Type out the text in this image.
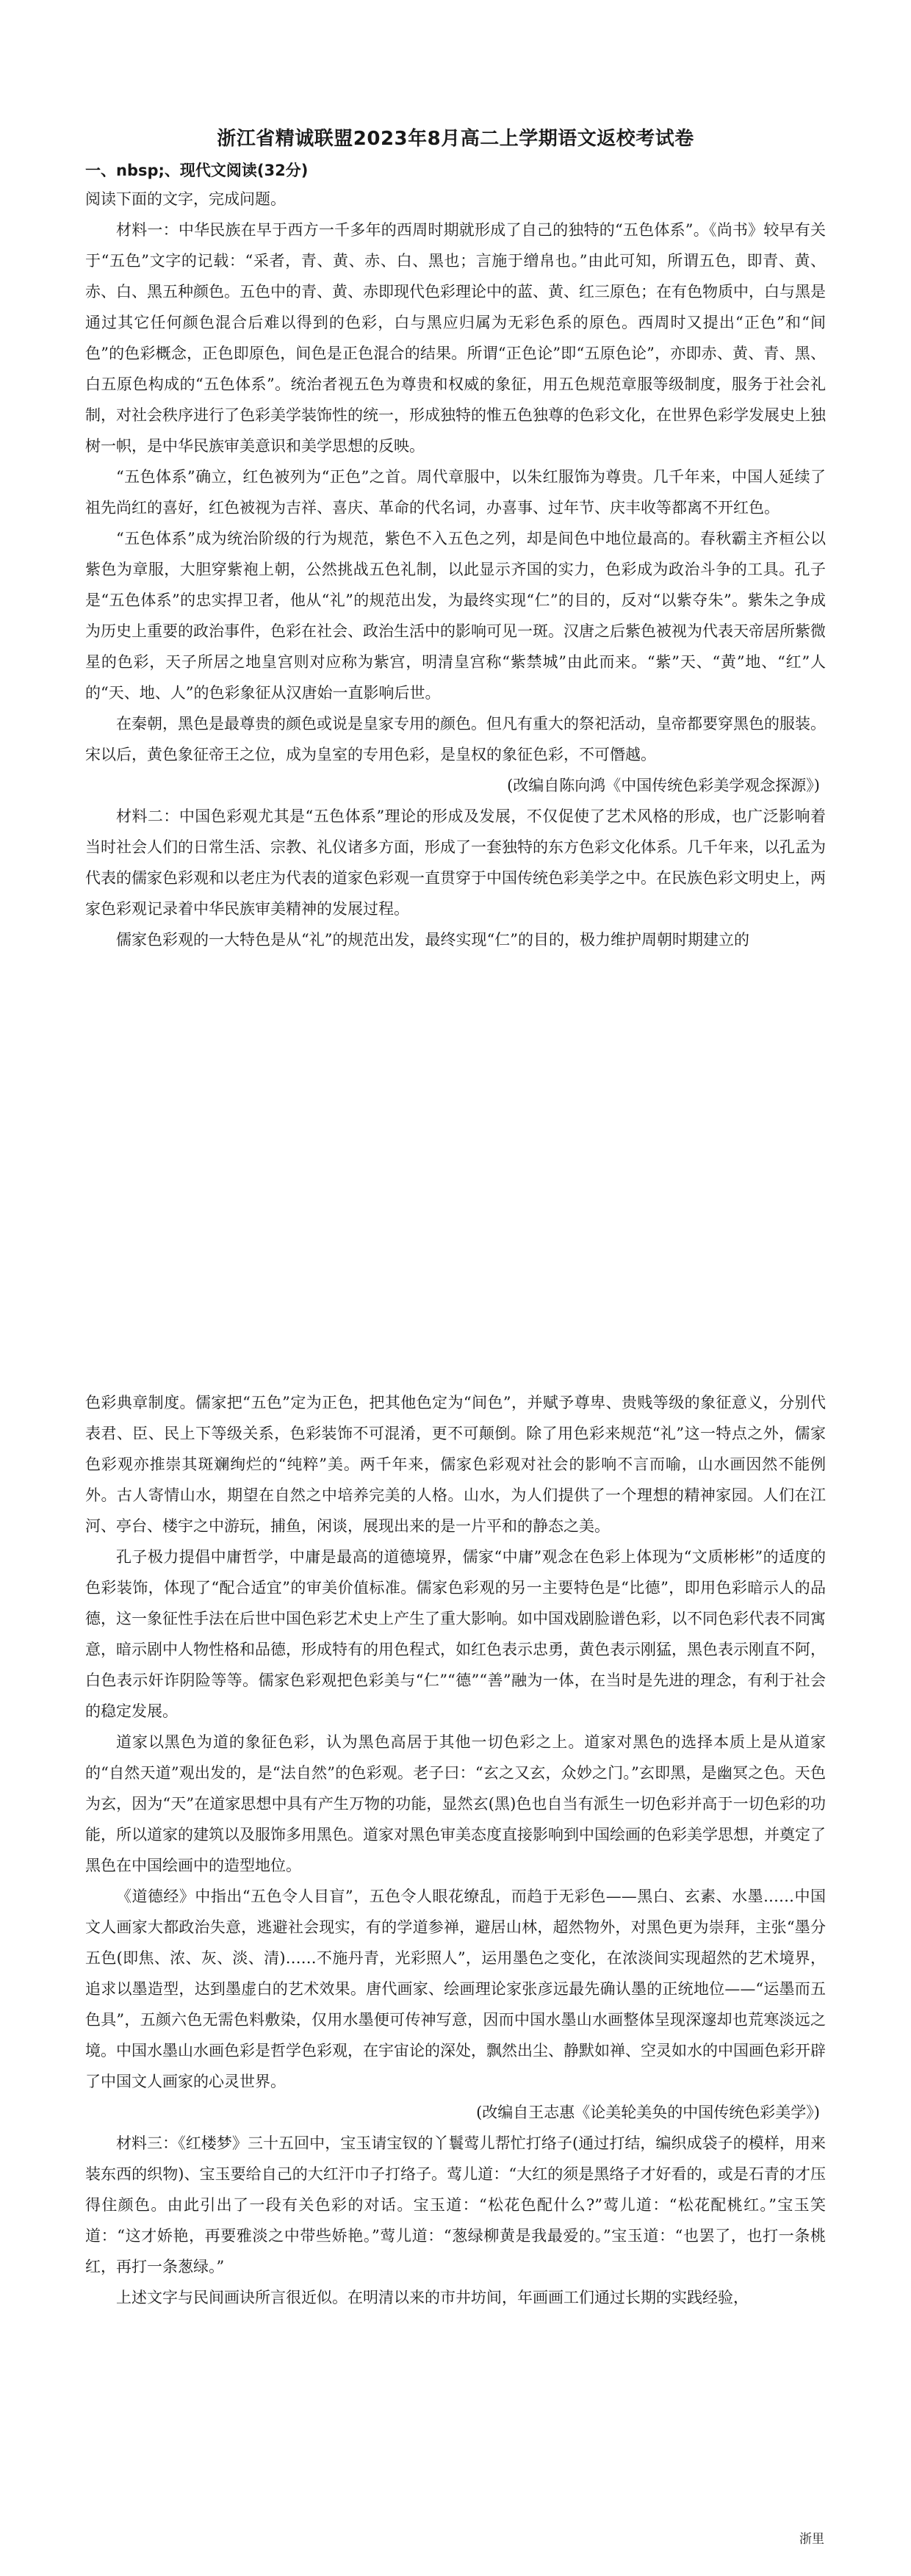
浙江省精诚联盟2023年8月高二上学期语文返校考试卷
一、nbsp;、现代文阅读(32分)

阅读下面的文字，完成问题。

材料一：中华民族在早于西方一千多年的西周时期就形成了自己的独特的“五色体系”。《尚书》较早有关于“五色”文字的记载：“采者，青、黄、赤、白、黑也；言施于缯帛也。”由此可知，所谓五色，即青、黄、赤、白、黑五种颜色。五色中的青、黄、赤即现代色彩理论中的蓝、黄、红三原色；在有色物质中，白与黑是通过其它任何颜色混合后难以得到的色彩，白与黑应归属为无彩色系的原色。西周时又提出“正色”和“间色”的色彩概念，正色即原色，间色是正色混合的结果。所谓“正色论”即“五原色论”，亦即赤、黄、青、黑、白五原色构成的“五色体系”。统治者视五色为尊贵和权威的象征，用五色规范章服等级制度，服务于社会礼制，对社会秩序进行了色彩美学装饰性的统一，形成独特的惟五色独尊的色彩文化，在世界色彩学发展史上独树一帜，是中华民族审美意识和美学思想的反映。

“五色体系”确立，红色被列为“正色”之首。周代章服中，以朱红服饰为尊贵。几千年来，中国人延续了祖先尚红的喜好，红色被视为吉祥、喜庆、革命的代名词，办喜事、过年节、庆丰收等都离不开红色。

“五色体系”成为统治阶级的行为规范，紫色不入五色之列，却是间色中地位最高的。春秋霸主齐桓公以紫色为章服，大胆穿紫袍上朝，公然挑战五色礼制，以此显示齐国的实力，色彩成为政治斗争的工具。孔子是“五色体系”的忠实捍卫者，他从“礼”的规范出发，为最终实现“仁”的目的，反对“以紫夺朱”。紫朱之争成为历史上重要的政治事件，色彩在社会、政治生活中的影响可见一斑。汉唐之后紫色被视为代表天帝居所紫微星的色彩，天子所居之地皇宫则对应称为紫宫，明清皇宫称“紫禁城”由此而来。“紫”天、“黄”地、“红”人的“天、地、人”的色彩象征从汉唐始一直影响后世。

在秦朝，黑色是最尊贵的颜色或说是皇家专用的颜色。但凡有重大的祭祀活动，皇帝都要穿黑色的服装。宋以后，黄色象征帝王之位，成为皇室的专用色彩，是皇权的象征色彩，不可僭越。

(改编自陈向鸿《中国传统色彩美学观念探源》)

材料二：中国色彩观尤其是“五色体系”理论的形成及发展，不仅促使了艺术风格的形成，也广泛影响着当时社会人们的日常生活、宗教、礼仪诸多方面，形成了一套独特的东方色彩文化体系。几千年来，以孔孟为代表的儒家色彩观和以老庄为代表的道家色彩观一直贯穿于中国传统色彩美学之中。在民族色彩文明史上，两家色彩观记录着中华民族审美精神的发展过程。

儒家色彩观的一大特色是从“礼”的规范出发，最终实现“仁”的目的，极力维护周朝时期建立的

色彩典章制度。儒家把“五色”定为正色，把其他色定为“间色”，并赋予尊卑、贵贱等级的象征意义，分别代表君、臣、民上下等级关系，色彩装饰不可混淆，更不可颠倒。除了用色彩来规范“礼”这一特点之外，儒家色彩观亦推崇其斑斓绚烂的“纯粹”美。两千年来，儒家色彩观对社会的影响不言而喻，山水画因然不能例外。古人寄情山水，期望在自然之中培养完美的人格。山水，为人们提供了一个理想的精神家园。人们在江河、亭台、楼宇之中游玩，捕鱼，闲谈，展现出来的是一片平和的静态之美。

孔子极力提倡中庸哲学，中庸是最高的道德境界，儒家“中庸”观念在色彩上体现为“文质彬彬”的适度的色彩装饰，体现了“配合适宜”的审美价值标准。儒家色彩观的另一主要特色是“比德”，即用色彩暗示人的品德，这一象征性手法在后世中国色彩艺术史上产生了重大影响。如中国戏剧脸谱色彩，以不同色彩代表不同寓意，暗示剧中人物性格和品德，形成特有的用色程式，如红色表示忠勇，黄色表示刚猛，黑色表示刚直不阿，白色表示奸诈阴险等等。儒家色彩观把色彩美与“仁”“德”“善”融为一体，在当时是先进的理念，有利于社会的稳定发展。

道家以黑色为道的象征色彩，认为黑色高居于其他一切色彩之上。道家对黑色的选择本质上是从道家的“自然天道”观出发的，是“法自然”的色彩观。老子曰：“玄之又玄，众妙之门。”玄即黑，是幽冥之色。天色为玄，因为“天”在道家思想中具有产生万物的功能，显然玄(黑)色也自当有派生一切色彩并高于一切色彩的功能，所以道家的建筑以及服饰多用黑色。道家对黑色审美态度直接影响到中国绘画的色彩美学思想，并奠定了黑色在中国绘画中的造型地位。

《道德经》中指出“五色令人目盲”，五色令人眼花缭乱，而趋于无彩色——黑白、玄素、水墨……中国文人画家大都政治失意，逃避社会现实，有的学道参禅，避居山林，超然物外，对黑色更为崇拜，主张“墨分五色(即焦、浓、灰、淡、清)……不施丹青，光彩照人”，运用墨色之变化，在浓淡间实现超然的艺术境界，追求以墨造型，达到墨虚白的艺术效果。唐代画家、绘画理论家张彦远最先确认墨的正统地位——“运墨而五色具”，五颜六色无需色料敷染，仅用水墨便可传神写意，因而中国水墨山水画整体呈现深邃却也荒寒淡远之境。中国水墨山水画色彩是哲学色彩观，在宇宙论的深处，飘然出尘、静默如禅、空灵如水的中国画色彩开辟了中国文人画家的心灵世界。

(改编自王志惠《论美轮美奂的中国传统色彩美学》)

材料三：《红楼梦》三十五回中，宝玉请宝钗的丫鬟莺儿帮忙打络子(通过打结，编织成袋子的模样，用来装东西的织物)、宝玉要给自己的大红汗巾子打络子。莺儿道：“大红的须是黑络子才好看的，或是石青的才压得住颜色。由此引出了一段有关色彩的对话。宝玉道：“松花色配什么?”莺儿道：“松花配桃红。”宝玉笑道：“这才娇艳，再要雅淡之中带些娇艳。”莺儿道：“葱绿柳黄是我最爱的。”宝玉道：“也罢了，也打一条桃红，再打一条葱绿。”

上述文字与民间画诀所言很近似。在明清以来的市井坊间，年画画工们通过长期的实践经验，

浙里
